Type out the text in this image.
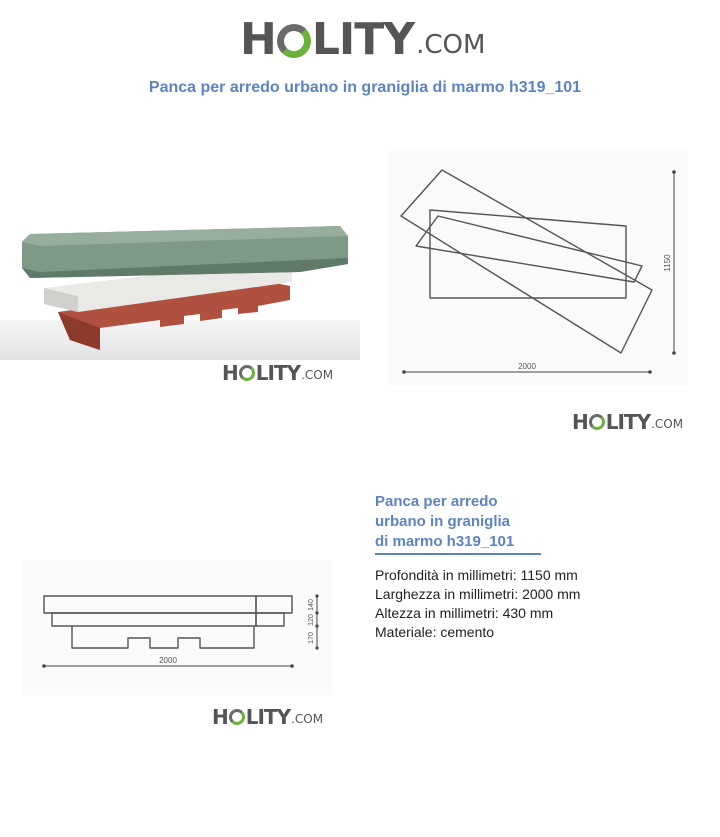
H LITY .COM
Panca per arredo urbano in graniglia di marmo h319_101
H LITY .COM
2000
1150
H LITY .COM
2000
140
120
170
H LITY .COM
Panca per arredo
urbano in graniglia
di marmo h319_101
Profondità in millimetri: 1150 mm
Larghezza in millimetri: 2000 mm
Altezza in millimetri: 430 mm
Materiale: cemento
